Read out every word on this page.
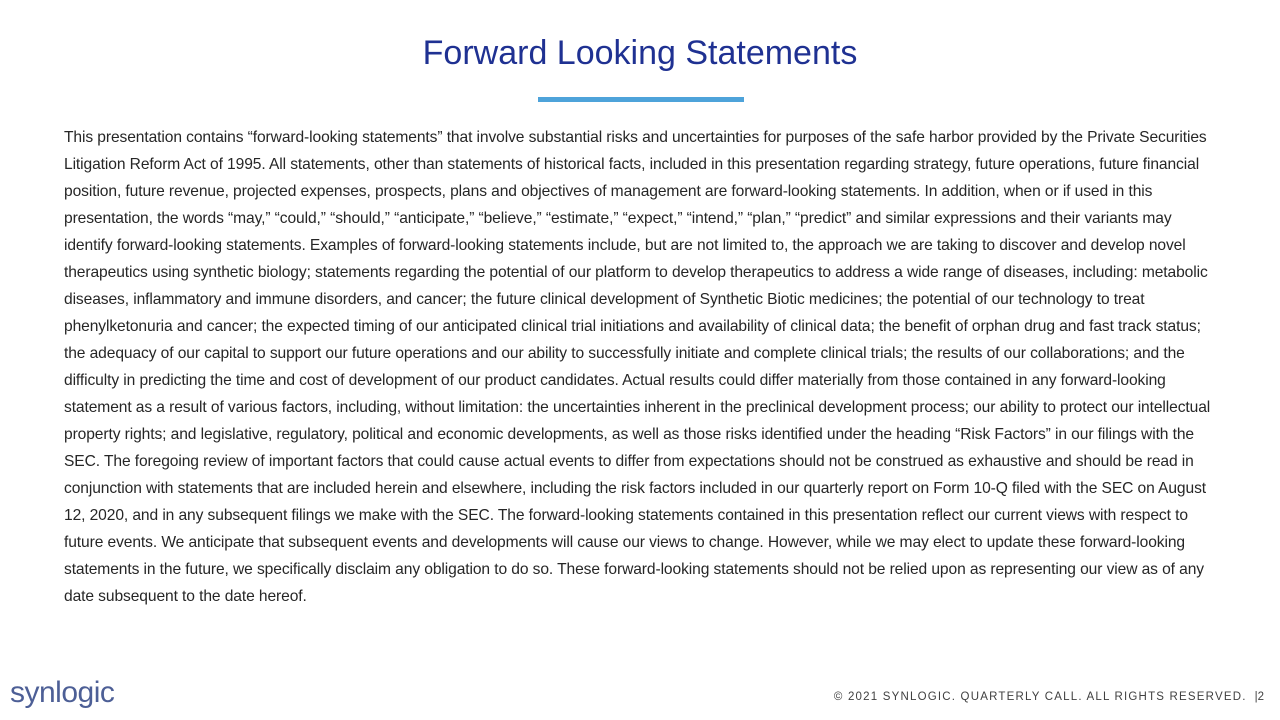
Forward Looking Statements

This presentation contains “forward-looking statements” that involve substantial risks and uncertainties for purposes of the safe harbor provided by the Private Securities Litigation Reform Act of 1995. All statements, other than statements of historical facts, included in this presentation regarding strategy, future operations, future financial position, future revenue, projected expenses, prospects, plans and objectives of management are forward-looking statements. In addition, when or if used in this presentation, the words “may,” “could,” “should,” “anticipate,” “believe,” “estimate,” “expect,” “intend,” “plan,” “predict” and similar expressions and their variants may identify forward-looking statements. Examples of forward-looking statements include, but are not limited to, the approach we are taking to discover and develop novel therapeutics using synthetic biology; statements regarding the potential of our platform to develop therapeutics to address a wide range of diseases, including: metabolic diseases, inflammatory and immune disorders, and cancer; the future clinical development of Synthetic Biotic medicines; the potential of our technology to treat phenylketonuria and cancer; the expected timing of our anticipated clinical trial initiations and availability of clinical data; the benefit of orphan drug and fast track status; the adequacy of our capital to support our future operations and our ability to successfully initiate and complete clinical trials; the results of our collaborations; and the difficulty in predicting the time and cost of development of our product candidates. Actual results could differ materially from those contained in any forward-looking statement as a result of various factors, including, without limitation: the uncertainties inherent in the preclinical development process; our ability to protect our intellectual property rights; and legislative, regulatory, political and economic developments, as well as those risks identified under the heading “Risk Factors” in our filings with the SEC. The foregoing review of important factors that could cause actual events to differ from expectations should not be construed as exhaustive and should be read in conjunction with statements that are included herein and elsewhere, including the risk factors included in our quarterly report on Form 10-Q filed with the SEC on August 12, 2020, and in any subsequent filings we make with the SEC. The forward-looking statements contained in this presentation reflect our current views with respect to future events. We anticipate that subsequent events and developments will cause our views to change. However, while we may elect to update these forward-looking statements in the future, we specifically disclaim any obligation to do so. These forward-looking statements should not be relied upon as representing our view as of any date subsequent to the date hereof.

synlogic	© 2021 SYNLOGIC. QUARTERLY CALL. ALL RIGHTS RESERVED. |2
